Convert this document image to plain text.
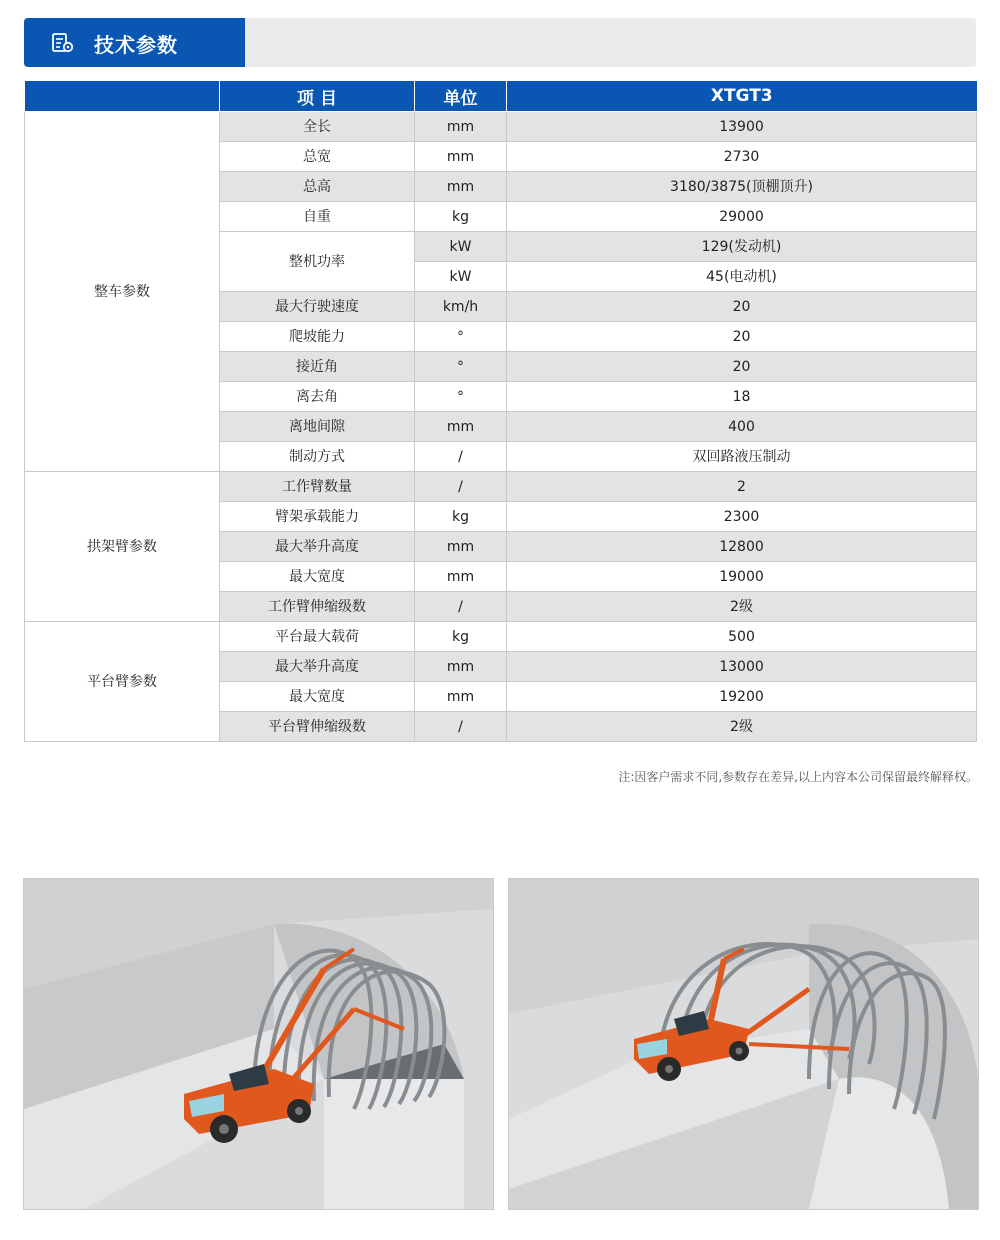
技术参数
	项 目	单位	XTGT3
整车参数	全长	mm	13900
	总宽	mm	2730
	总高	mm	3180/3875(顶棚顶升)
	自重	kg	29000
	整机功率	kW	129(发动机)
		kW	45(电动机)
	最大行驶速度	km/h	20
	爬坡能力	°	20
	接近角	°	20
	离去角	°	18
	离地间隙	mm	400
	制动方式	/	双回路液压制动
拱架臂参数	工作臂数量	/	2
	臂架承载能力	kg	2300
	最大举升高度	mm	12800
	最大宽度	mm	19000
	工作臂伸缩级数	/	2级
平台臂参数	平台最大载荷	kg	500
	最大举升高度	mm	13000
	最大宽度	mm	19200
	平台臂伸缩级数	/	2级
注:因客户需求不同,参数存在差异,以上内容本公司保留最终解释权。
